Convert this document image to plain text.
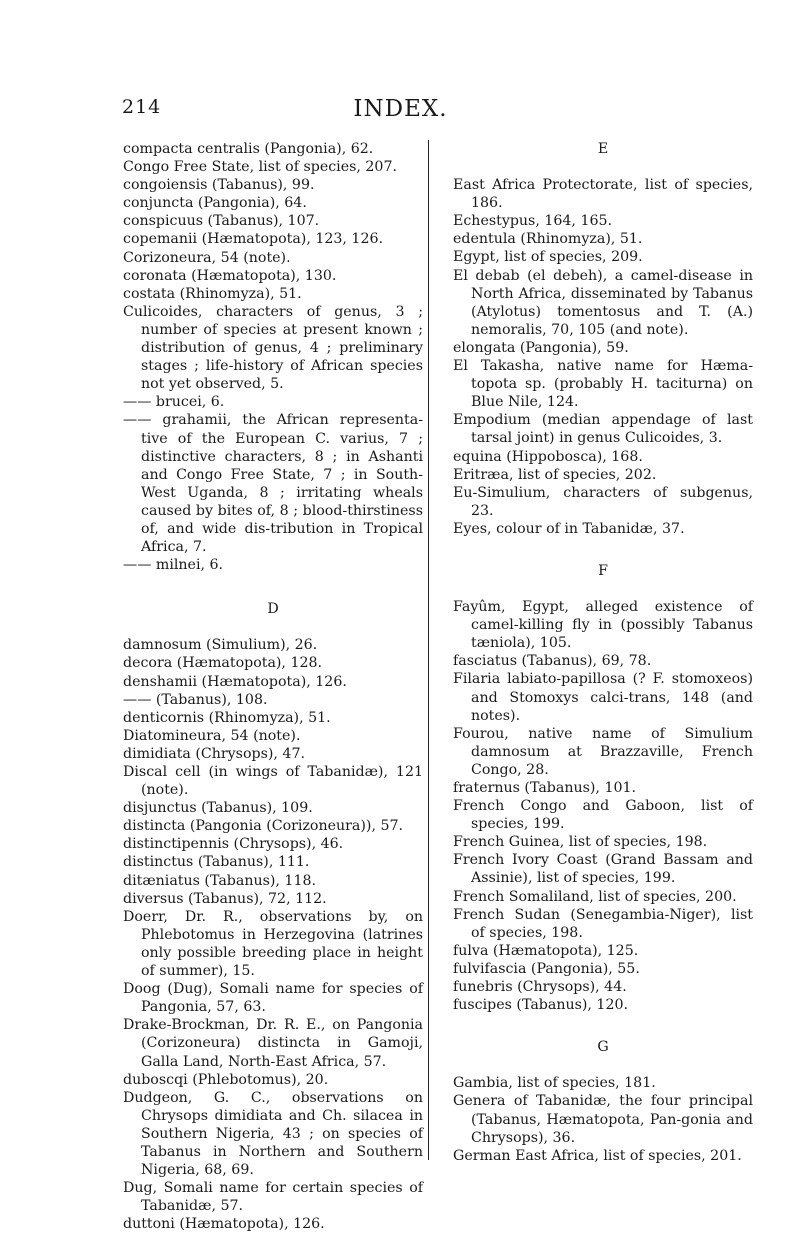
214	INDEX.
compacta centralis (Pangonia), 62.
Congo Free State, list of species, 207.
congoiensis (Tabanus), 99.
conjuncta (Pangonia), 64.
conspicuus (Tabanus), 107.
copemanii (Hæmatopota), 123, 126.
Corizoneura, 54 (note).
coronata (Hæmatopota), 130.
costata (Rhinomyza), 51.
Culicoides, characters of genus, 3 ; number of species at present known ; distribution of genus, 4 ; preliminary stages ; life-history of African species not yet observed, 5.
—— brucei, 6.
—— grahamii, the African representa-tive of the European C. varius, 7 ; distinctive characters, 8 ; in Ashanti and Congo Free State, 7 ; in South-West Uganda, 8 ; irritating wheals caused by bites of, 8 ; blood-thirstiness of, and wide dis-tribution in Tropical Africa, 7.
—— milnei, 6.
D
damnosum (Simulium), 26.
decora (Hæmatopota), 128.
denshamii (Hæmatopota), 126.
—— (Tabanus), 108.
denticornis (Rhinomyza), 51.
Diatomineura, 54 (note).
dimidiata (Chrysops), 47.
Discal cell (in wings of Tabanidæ), 121 (note).
disjunctus (Tabanus), 109.
distincta (Pangonia (Corizoneura)), 57.
distinctipennis (Chrysops), 46.
distinctus (Tabanus), 111.
ditæniatus (Tabanus), 118.
diversus (Tabanus), 72, 112.
Doerr, Dr. R., observations by, on Phlebotomus in Herzegovina (latrines only possible breeding place in height of summer), 15.
Doog (Dug), Somali name for species of Pangonia, 57, 63.
Drake-Brockman, Dr. R. E., on Pangonia (Corizoneura) distincta in Gamoji, Galla Land, North-East Africa, 57.
duboscqi (Phlebotomus), 20.
Dudgeon, G. C., observations on Chrysops dimidiata and Ch. silacea in Southern Nigeria, 43 ; on species of Tabanus in Northern and Southern Nigeria, 68, 69.
Dug, Somali name for certain species of Tabanidæ, 57.
duttoni (Hæmatopota), 126.
E
East Africa Protectorate, list of species, 186.
Echestypus, 164, 165.
edentula (Rhinomyza), 51.
Egypt, list of species, 209.
El debab (el debeh), a camel-disease in North Africa, disseminated by Tabanus (Atylotus) tomentosus and T. (A.) nemoralis, 70, 105 (and note).
elongata (Pangonia), 59.
El Takasha, native name for Hæma-topota sp. (probably H. taciturna) on Blue Nile, 124.
Empodium (median appendage of last tarsal joint) in genus Culicoides, 3.
equina (Hippobosca), 168.
Eritræa, list of species, 202.
Eu-Simulium, characters of subgenus, 23.
Eyes, colour of in Tabanidæ, 37.
F
Fayûm, Egypt, alleged existence of camel-killing fly in (possibly Tabanus tæniola), 105.
fasciatus (Tabanus), 69, 78.
Filaria labiato-papillosa (? F. stomoxeos) and Stomoxys calci-trans, 148 (and notes).
Fourou, native name of Simulium damnosum at Brazzaville, French Congo, 28.
fraternus (Tabanus), 101.
French Congo and Gaboon, list of species, 199.
French Guinea, list of species, 198.
French Ivory Coast (Grand Bassam and Assinie), list of species, 199.
French Somaliland, list of species, 200.
French Sudan (Senegambia-Niger), list of species, 198.
fulva (Hæmatopota), 125.
fulvifascia (Pangonia), 55.
funebris (Chrysops), 44.
fuscipes (Tabanus), 120.
G
Gambia, list of species, 181.
Genera of Tabanidæ, the four principal (Tabanus, Hæmatopota, Pan-gonia and Chrysops), 36.
German East Africa, list of species, 201.
